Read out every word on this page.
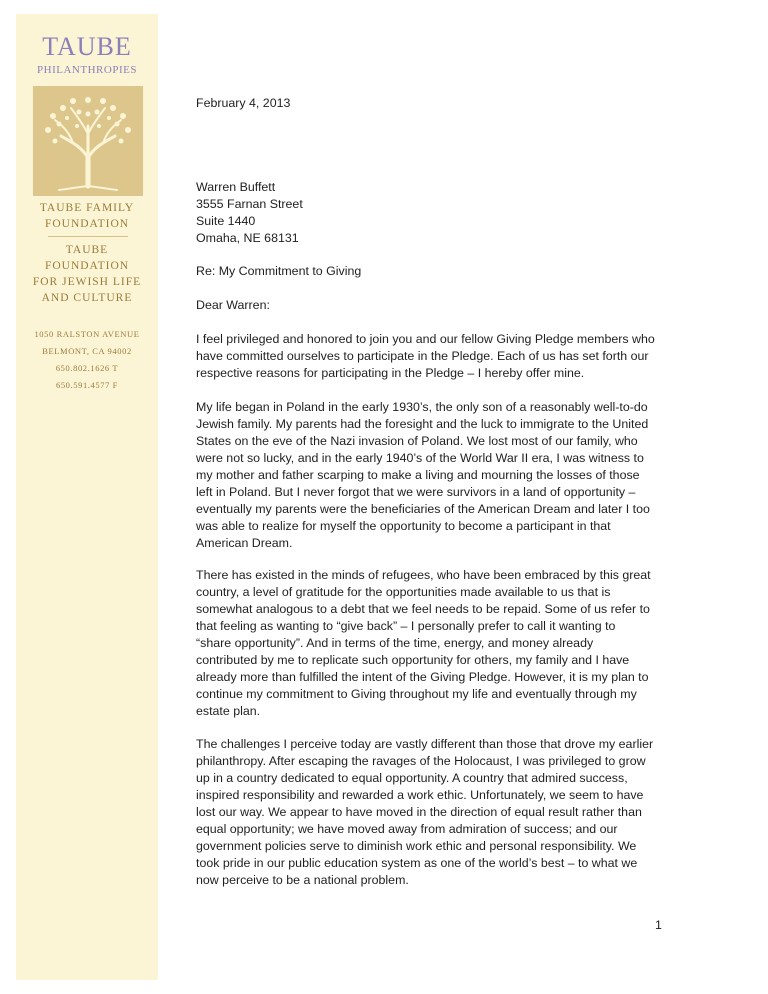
TAUBE
PHILANTHROPIES
TAUBE FAMILY
FOUNDATION
TAUBE
FOUNDATION
FOR JEWISH LIFE
AND CULTURE
1050 RALSTON AVENUE
BELMONT, CA 94002
650.802.1626 T
650.591.4577 F
February 4, 2013
Warren Buffett
3555 Farnan Street
Suite 1440
Omaha, NE 68131
Re: My Commitment to Giving
Dear Warren:
I feel privileged and honored to join you and our fellow Giving Pledge members who
have committed ourselves to participate in the Pledge. Each of us has set forth our
respective reasons for participating in the Pledge – I hereby offer mine.
My life began in Poland in the early 1930’s, the only son of a reasonably well-to-do
Jewish family. My parents had the foresight and the luck to immigrate to the United
States on the eve of the Nazi invasion of Poland. We lost most of our family, who
were not so lucky, and in the early 1940’s of the World War II era, I was witness to
my mother and father scarping to make a living and mourning the losses of those
left in Poland. But I never forgot that we were survivors in a land of opportunity –
eventually my parents were the beneficiaries of the American Dream and later I too
was able to realize for myself the opportunity to become a participant in that
American Dream.
There has existed in the minds of refugees, who have been embraced by this great
country, a level of gratitude for the opportunities made available to us that is
somewhat analogous to a debt that we feel needs to be repaid. Some of us refer to
that feeling as wanting to “give back” – I personally prefer to call it wanting to
“share opportunity”. And in terms of the time, energy, and money already
contributed by me to replicate such opportunity for others, my family and I have
already more than fulfilled the intent of the Giving Pledge. However, it is my plan to
continue my commitment to Giving throughout my life and eventually through my
estate plan.
The challenges I perceive today are vastly different than those that drove my earlier
philanthropy. After escaping the ravages of the Holocaust, I was privileged to grow
up in a country dedicated to equal opportunity. A country that admired success,
inspired responsibility and rewarded a work ethic. Unfortunately, we seem to have
lost our way. We appear to have moved in the direction of equal result rather than
equal opportunity; we have moved away from admiration of success; and our
government policies serve to diminish work ethic and personal responsibility. We
took pride in our public education system as one of the world’s best – to what we
now perceive to be a national problem.
1
